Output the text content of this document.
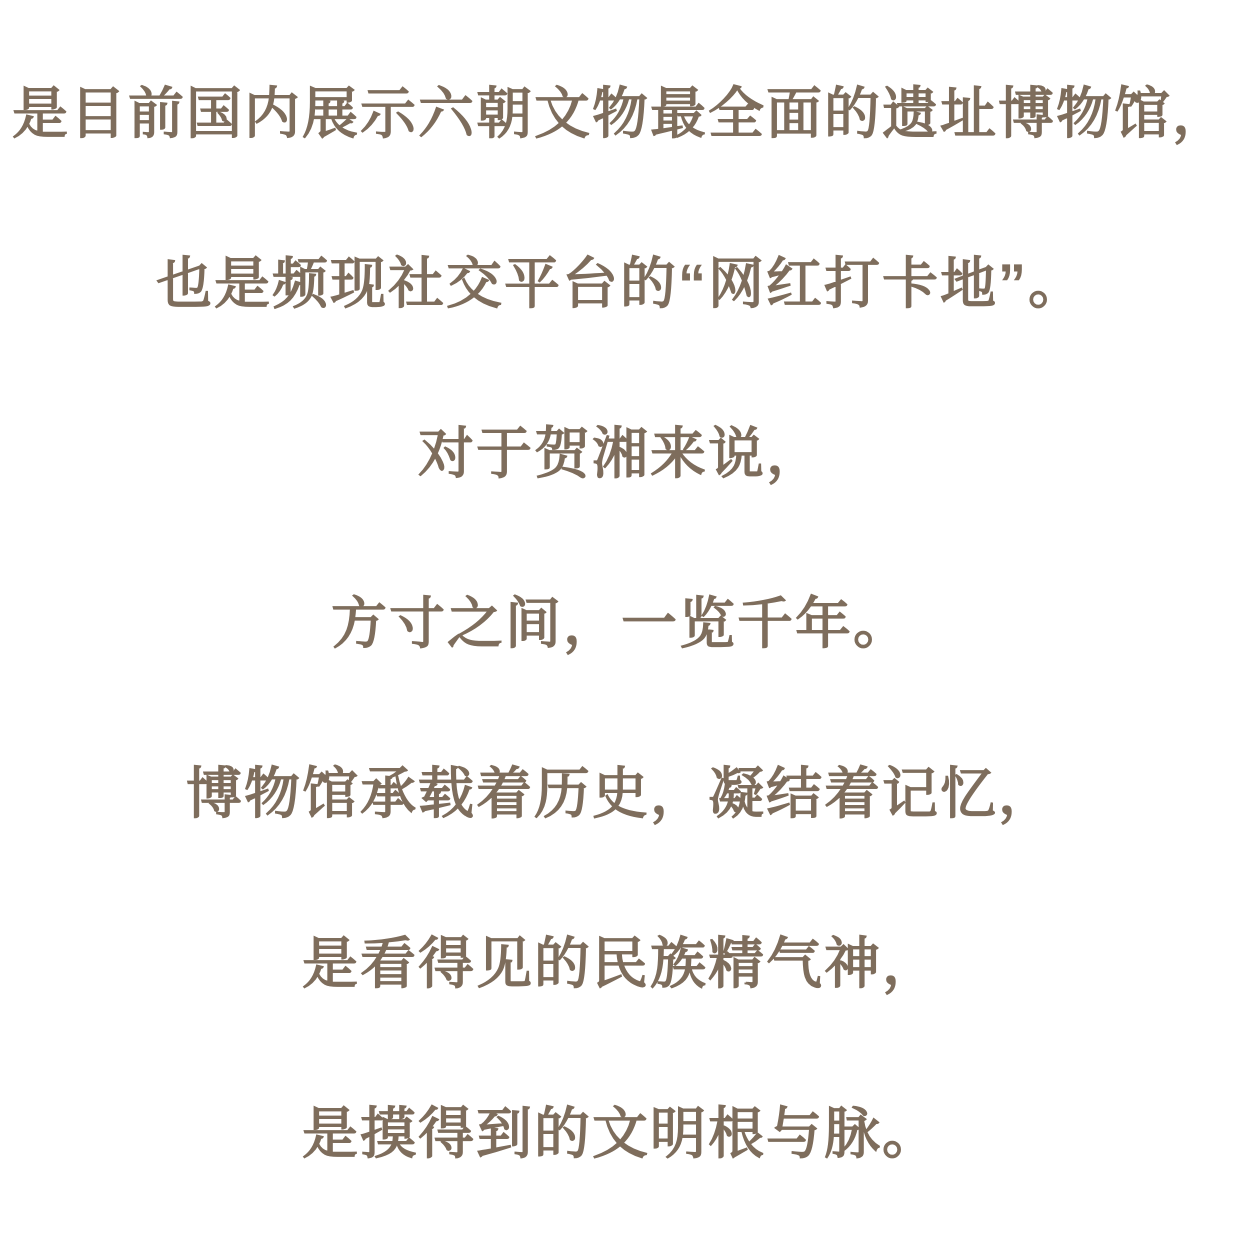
是目前国内展示六朝文物最全面的遗址博物馆，

也是频现社交平台的“网红打卡地”。

对于贺湘来说，

方寸之间，一览千年。

博物馆承载着历史，凝结着记忆，

是看得见的民族精气神，

是摸得到的文明根与脉。
